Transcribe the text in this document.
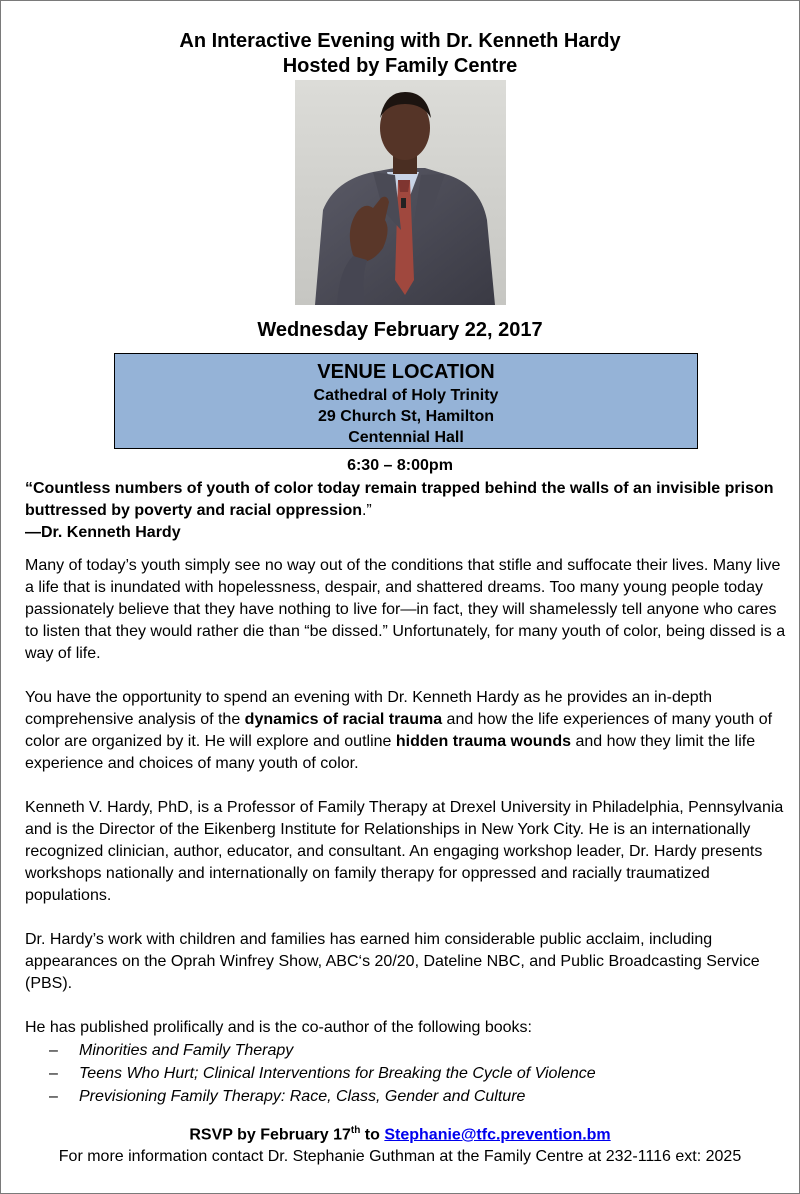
An Interactive Evening with Dr. Kenneth Hardy
Hosted by Family Centre
Wednesday February 22, 2017
VENUE LOCATION
Cathedral of Holy Trinity
29 Church St, Hamilton
Centennial Hall
6:30 – 8:00pm
“Countless numbers of youth of color today remain trapped behind the walls of an invisible prison buttressed by poverty and racial oppression.”
—Dr. Kenneth Hardy

Many of today’s youth simply see no way out of the conditions that stifle and suffocate their lives. Many live a life that is inundated with hopelessness, despair, and shattered dreams. Too many young people today passionately believe that they have nothing to live for—in fact, they will shamelessly tell anyone who cares to listen that they would rather die than “be dissed.” Unfortunately, for many youth of color, being dissed is a way of life.

You have the opportunity to spend an evening with Dr. Kenneth Hardy as he provides an in-depth comprehensive analysis of the dynamics of racial trauma and how the life experiences of many youth of color are organized by it. He will explore and outline hidden trauma wounds and how they limit the life experience and choices of many youth of color.

Kenneth V. Hardy, PhD, is a Professor of Family Therapy at Drexel University in Philadelphia, Pennsylvania and is the Director of the Eikenberg Institute for Relationships in New York City. He is an internationally recognized clinician, author, educator, and consultant. An engaging workshop leader, Dr. Hardy presents workshops nationally and internationally on family therapy for oppressed and racially traumatized populations.

Dr. Hardy’s work with children and families has earned him considerable public acclaim, including appearances on the Oprah Winfrey Show, ABC‘s 20/20, Dateline NBC, and Public Broadcasting Service (PBS).

He has published prolifically and is the co-author of the following books:

– Minorities and Family Therapy
– Teens Who Hurt; Clinical Interventions for Breaking the Cycle of Violence
– Previsioning Family Therapy: Race, Class, Gender and Culture
RSVP by February 17th to Stephanie@tfc.prevention.bm
For more information contact Dr. Stephanie Guthman at the Family Centre at 232-1116 ext: 2025
